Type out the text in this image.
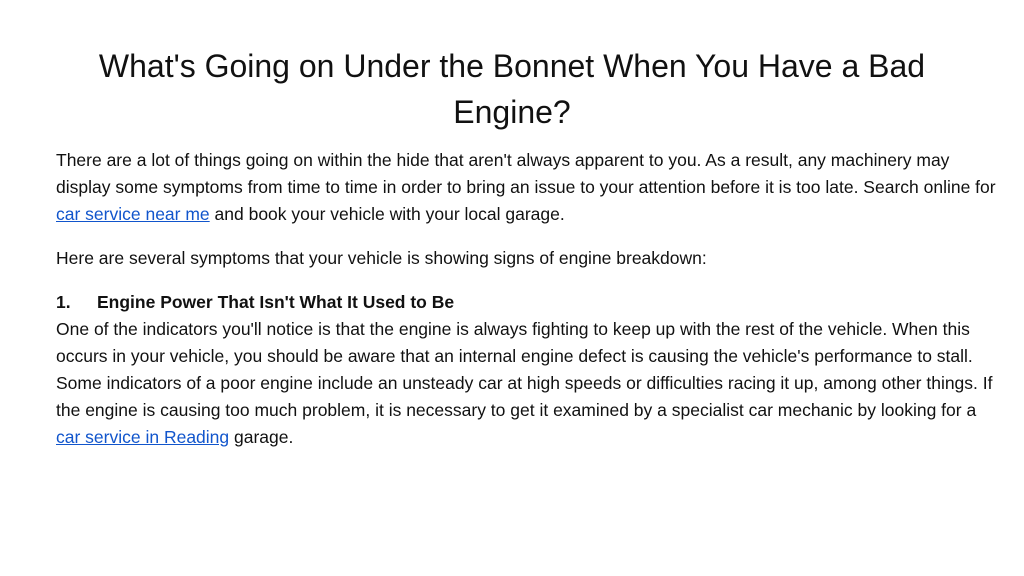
What's Going on Under the Bonnet When You Have a Bad
Engine?

There are a lot of things going on within the hide that aren't always apparent to you. As a result, any machinery may display some symptoms from time to time in order to bring an issue to your attention before it is too late. Search online for car service near me and book your vehicle with your local garage.

Here are several symptoms that your vehicle is showing signs of engine breakdown:

1. Engine Power That Isn't What It Used to Be

One of the indicators you'll notice is that the engine is always fighting to keep up with the rest of the vehicle. When this occurs in your vehicle, you should be aware that an internal engine defect is causing the vehicle's performance to stall. Some indicators of a poor engine include an unsteady car at high speeds or difficulties racing it up, among other things. If the engine is causing too much problem, it is necessary to get it examined by a specialist car mechanic by looking for a car service in Reading garage.
